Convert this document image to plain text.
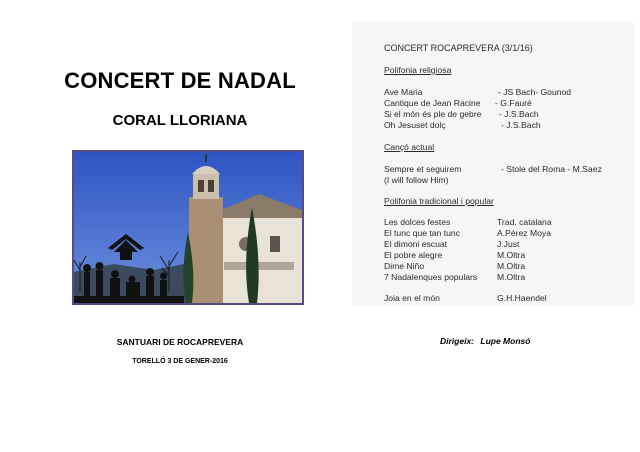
CONCERT DE NADAL
CORAL LLORIANA
SANTUARI DE ROCAPREVERA
TORELLÓ 3 DE GENER-2016
Dirigeix: Lupe Monsó
CONCERT ROCAPREVERA (3/1/16)
Polifonia religiosa
Ave Maria	- JS Bach- Gounod
Cantique de Jean Racine - G.Fauré
Si el món és ple de gebre - J.S.Bach
Oh Jesuset dolç	- J.S.Bach
Cançó actual
Sempre et seguirem	- Stole del Roma - M.Saez
(I will follow Him)
Polifonia tradicional i popular
Les dolces festes	Trad. catalana
El tunc que tan tunc	A.Pérez Moya
El dimoni escuat	J.Just
El pobre alegre	M.Oltra
Dime Niño	M.Oltra
7 Nadalenques populars M.Oltra
Joia en el món	G.H.Haendel
